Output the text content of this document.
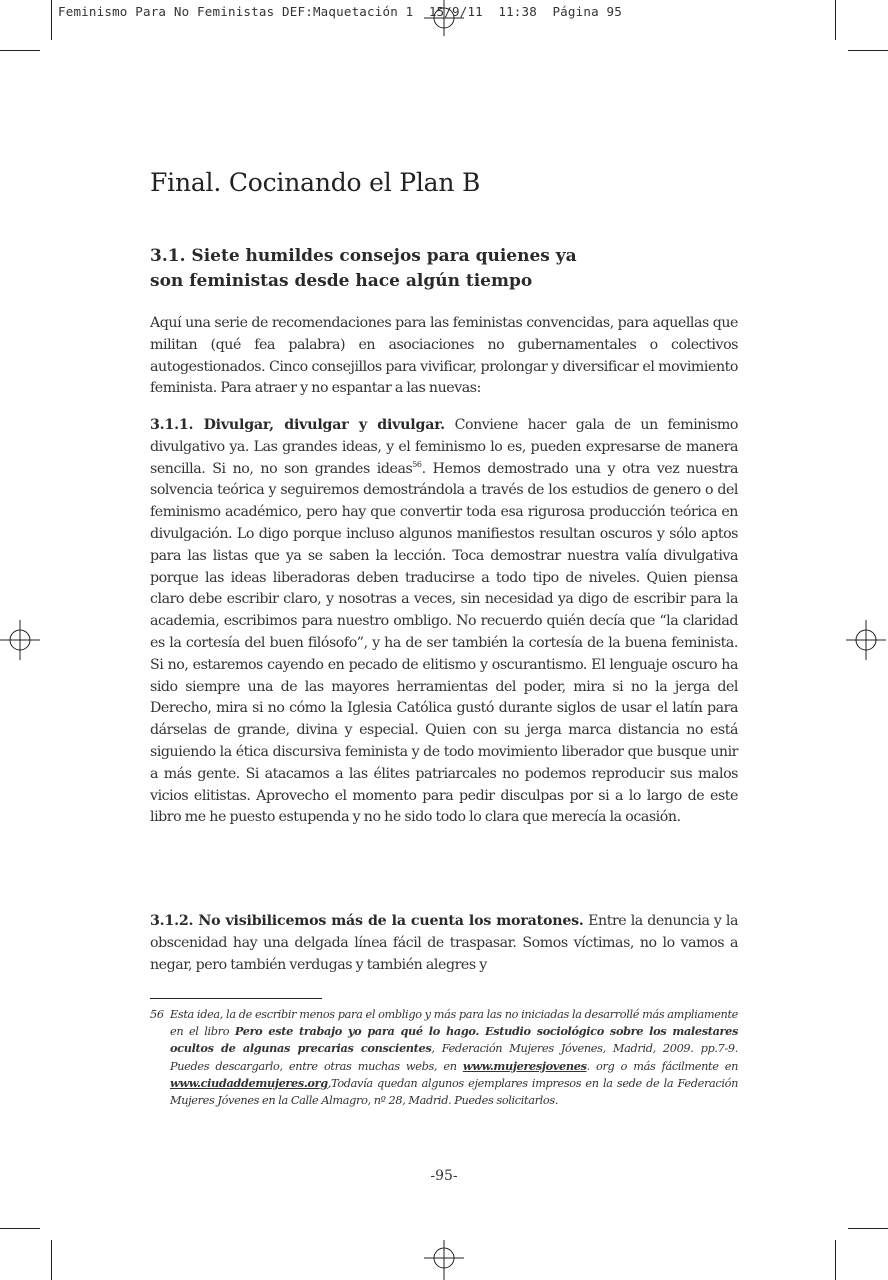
Feminismo Para No Feministas DEF:Maquetación 1  15/9/11  11:38  Página 95
Final. Cocinando el Plan B
3.1. Siete humildes consejos para quienes ya
son feministas desde hace algún tiempo

Aquí una serie de recomendaciones para las feministas convencidas, para aquellas que militan (qué fea palabra) en asociaciones no gubernamentales o colectivos autogestionados. Cinco consejillos para vivificar, prolongar y diversificar el movimiento feminista. Para atraer y no espantar a las nuevas:

3.1.1. Divulgar, divulgar y divulgar. Conviene hacer gala de un feminismo divulgativo ya. Las grandes ideas, y el feminismo lo es, pueden expresarse de manera sencilla. Si no, no son grandes ideas$^{56}$. Hemos demostrado una y otra vez nuestra solvencia teórica y seguiremos demostrándola a través de los estudios de genero o del feminismo académico, pero hay que convertir toda esa rigurosa producción teórica en divulgación. Lo digo porque incluso algunos manifiestos resultan oscuros y sólo aptos para las listas que ya se saben la lección. Toca demostrar nuestra valía divulgativa porque las ideas liberadoras deben traducirse a todo tipo de niveles. Quien piensa claro debe escribir claro, y nosotras a veces, sin necesidad ya digo de escribir para la academia, escribimos para nuestro ombligo. No recuerdo quién decía que “la claridad es la cortesía del buen filósofo”, y ha de ser también la cortesía de la buena feminista. Si no, estaremos cayendo en pecado de elitismo y oscurantismo. El lenguaje oscuro ha sido siempre una de las mayores herramientas del poder, mira si no la jerga del Derecho, mira si no cómo la Iglesia Católica gustó durante siglos de usar el latín para dárselas de grande, divina y especial. Quien con su jerga marca distancia no está siguiendo la ética discursiva feminista y de todo movimiento liberador que busque unir a más gente. Si atacamos a las élites patriarcales no podemos reproducir sus malos vicios elitistas. Aprovecho el momento para pedir disculpas por si a lo largo de este libro me he puesto estupenda y no he sido todo lo clara que merecía la ocasión.

3.1.2. No visibilicemos más de la cuenta los moratones. Entre la denuncia y la obscenidad hay una delgada línea fácil de traspasar. Somos víctimas, no lo vamos a negar, pero también verdugas y también alegres y

56 Esta idea, la de escribir menos para el ombligo y más para las no iniciadas la desarrollé más ampliamente en el libro Pero este trabajo yo para qué lo hago. Estudio sociológico sobre los malestares ocultos de algunas precarias conscientes, Federación Mujeres Jóvenes, Madrid, 2009. pp.7-9. Puedes descargarlo, entre otras muchas webs, en www.mujeresjovenes. org o más fácilmente en www.ciudaddemujeres.org,Todavía quedan algunos ejemplares impresos en la sede de la Federación Mujeres Jóvenes en la Calle Almagro, nº 28, Madrid. Puedes solicitarlos.
-95-
